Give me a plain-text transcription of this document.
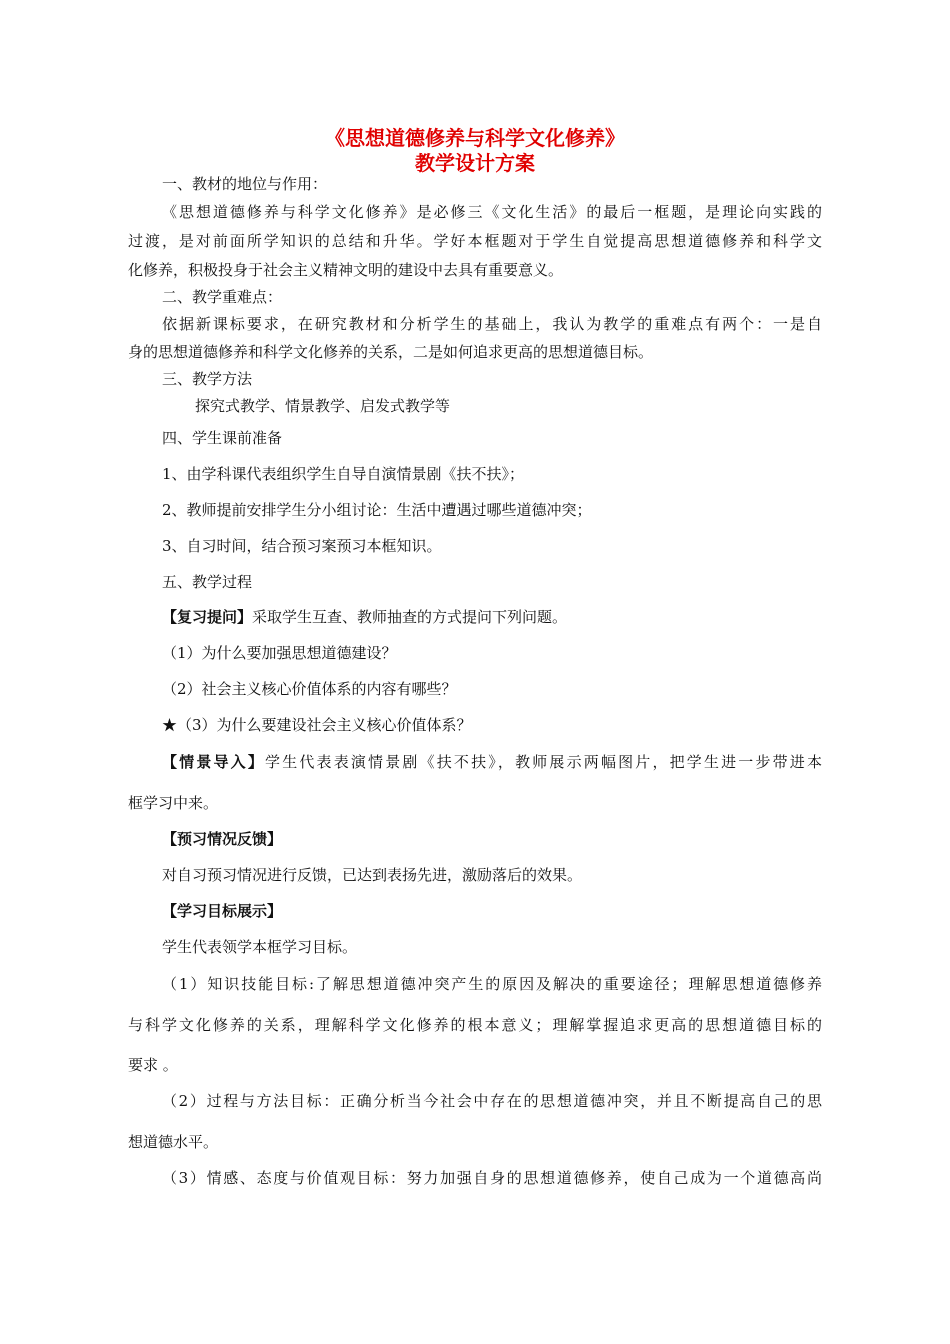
《思想道德修养与科学文化修养》
教学设计方案
一、教材的地位与作用：
《思想道德修养与科学文化修养》是必修三《文化生活》的最后一框题，是理论向实践的
过渡，是对前面所学知识的总结和升华。学好本框题对于学生自觉提高思想道德修养和科学文
化修养，积极投身于社会主义精神文明的建设中去具有重要意义。
二、教学重难点：
依据新课标要求，在研究教材和分析学生的基础上，我认为教学的重难点有两个：一是自
身的思想道德修养和科学文化修养的关系，二是如何追求更高的思想道德目标。
三、教学方法
探究式教学、情景教学、启发式教学等
四、学生课前准备
1、由学科课代表组织学生自导自演情景剧《扶不扶》；
2、教师提前安排学生分小组讨论：生活中遭遇过哪些道德冲突；
3、自习时间，结合预习案预习本框知识。
五、教学过程
【复习提问】采取学生互查、教师抽查的方式提问下列问题。
（1）为什么要加强思想道德建设？
（2）社会主义核心价值体系的内容有哪些？
★（3）为什么要建设社会主义核心价值体系？
【情景导入】学生代表表演情景剧《扶不扶》，教师展示两幅图片，把学生进一步带进本
框学习中来。
【预习情况反馈】
对自习预习情况进行反馈，已达到表扬先进，激励落后的效果。
【学习目标展示】
学生代表领学本框学习目标。
（1）知识技能目标:了解思想道德冲突产生的原因及解决的重要途径；理解思想道德修养
与科学文化修养的关系，理解科学文化修养的根本意义；理解掌握追求更高的思想道德目标的
要求 。
（2）过程与方法目标：正确分析当今社会中存在的思想道德冲突，并且不断提高自己的思
想道德水平。
（3）情感、态度与价值观目标：努力加强自身的思想道德修养，使自己成为一个道德高尚
